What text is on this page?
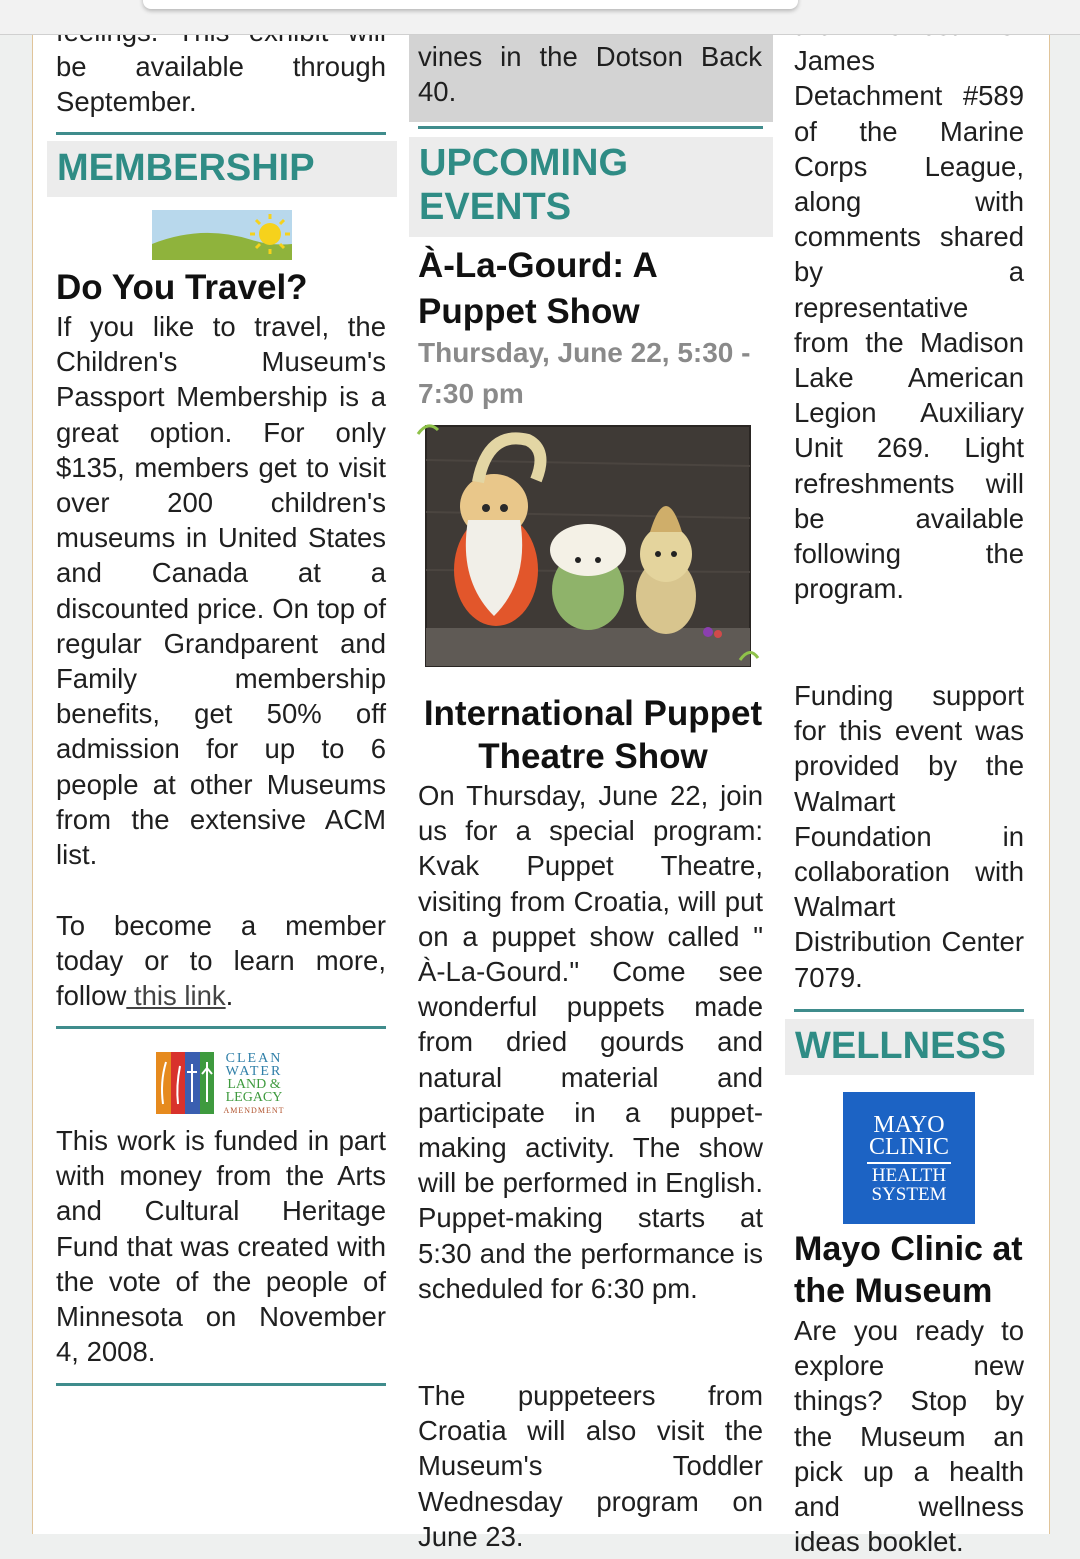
be available through September.
MEMBERSHIP
Do You Travel?
If you like to travel, the Children's Museum's Passport Membership is a great option. For only $135, members get to visit over 200 children's museums in United States and Canada at a discounted price. On top of regular Grandparent and Family membership benefits, get 50% off admission for up to 6 people at other Museums from the extensive ACM list.
To become a member today or to learn more, follow this link.
CLEAN
WATER
LAND &
LEGACY
AMENDMENT
This work is funded in part with money from the Arts and Cultural Heritage Fund that was created with the vote of the people of Minnesota on November 4, 2008.
vines in the Dotson Back 40.
UPCOMING EVENTS
À-La-Gourd: A Puppet Show
Thursday, June 22, 5:30 - 7:30 pm
International Puppet Theatre Show
On Thursday, June 22, join us for a special program: Kvak Puppet Theatre, visiting from Croatia, will put on a puppet show called " À-La-Gourd." Come see wonderful puppets made from dried gourds and natural material and participate in a puppet-making activity. The show will be performed in English. Puppet-making starts at 5:30 and the performance is scheduled for 6:30 pm.
The puppeteers from Croatia will also visit the Museum's Toddler Wednesday program on June 23.
James Detachment #589 of the Marine Corps League, along with comments shared by a representative from the Madison Lake American Legion Auxiliary Unit 269. Light refreshments will be available following the program.
Funding support for this event was provided by the Walmart Foundation in collaboration with Walmart Distribution Center 7079.
WELLNESS
MAYO
CLINIC
HEALTH
SYSTEM
Mayo Clinic at the Museum
Are you ready to explore new things? Stop by the Museum an pick up a health and wellness ideas booklet.
